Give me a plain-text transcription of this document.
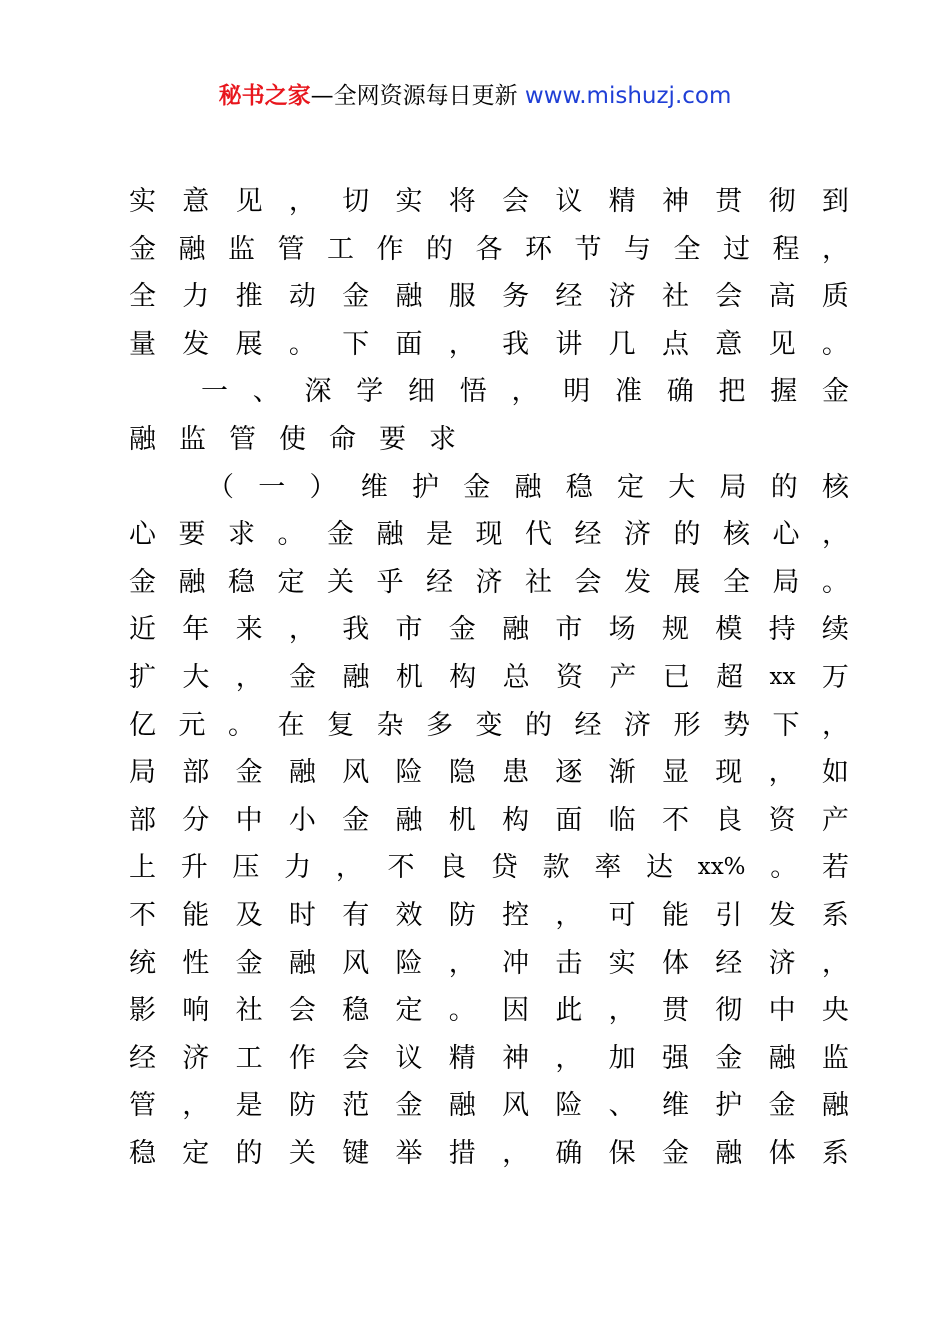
秘书之家—全网资源每日更新 www.mishuzj.com
实 意 见 ， 切 实 将 会 议 精 神 贯 彻 到
金 融 监 管 工 作 的 各 环 节 与 全 过 程 ，
全 力 推 动 金 融 服 务 经 济 社 会 高 质
量 发 展 。 下 面 ， 我 讲 几 点 意 见 。
一 、 深 学 细 悟 ， 明 准 确 把 握 金
融 监 管 使 命 要 求
（ 一 ） 维 护 金 融 稳 定 大 局 的 核
心 要 求 。 金 融 是 现 代 经 济 的 核 心 ，
金 融 稳 定 关 乎 经 济 社 会 发 展 全 局 。
近 年 来 ， 我 市 金 融 市 场 规 模 持 续
扩 大 ， 金 融 机 构 总 资 产 已 超 xx 万
亿 元 。 在 复 杂 多 变 的 经 济 形 势 下 ，
局 部 金 融 风 险 隐 患 逐 渐 显 现 ， 如
部 分 中 小 金 融 机 构 面 临 不 良 资 产
上 升 压 力 ， 不 良 贷 款 率 达 xx% 。 若
不 能 及 时 有 效 防 控 ， 可 能 引 发 系
统 性 金 融 风 险 ， 冲 击 实 体 经 济 ，
影 响 社 会 稳 定 。 因 此 ， 贯 彻 中 央
经 济 工 作 会 议 精 神 ， 加 强 金 融 监
管 ， 是 防 范 金 融 风 险 、 维 护 金 融
稳 定 的 关 键 举 措 ， 确 保 金 融 体 系
